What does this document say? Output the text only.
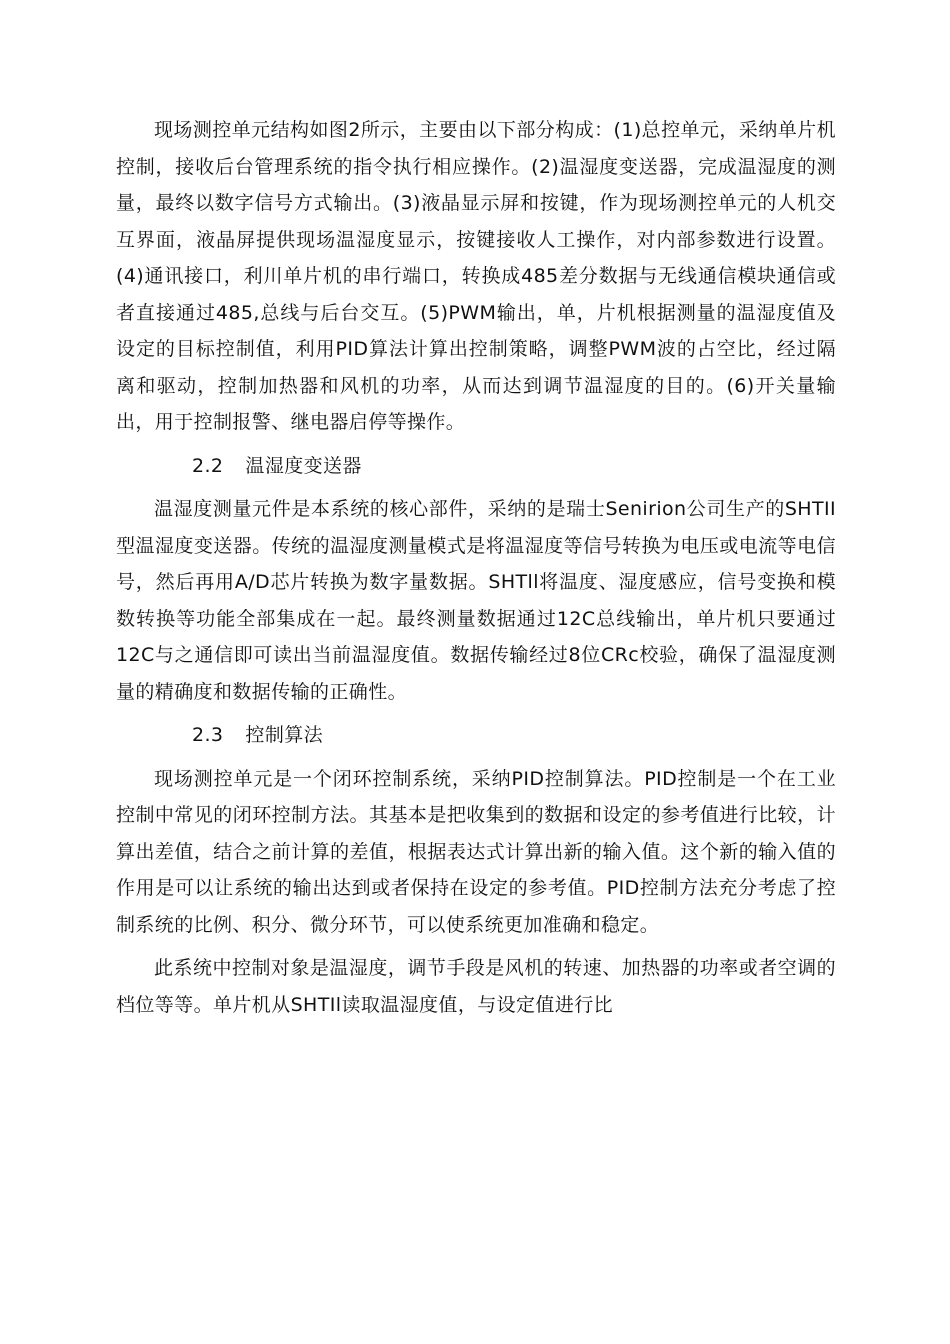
现场测控单元结构如图2所示，主要由以下部分构成：(1)总控单元，采纳单片机控制，接收后台管理系统的指令执行相应操作。(2)温湿度变送器，完成温湿度的测量，最终以数字信号方式输出。(3)液晶显示屏和按键，作为现场测控单元的人机交互界面，液晶屏提供现场温湿度显示，按键接收人工操作，对内部参数进行设置。(4)通讯接口，利川单片机的串行端口，转换成485差分数据与无线通信模块通信或者直接通过485,总线与后台交互。(5)PWM输出，单，片机根据测量的温湿度值及设定的目标控制值，利用PID算法计算出控制策略，调整PWM波的占空比，经过隔离和驱动，控制加热器和风机的功率，从而达到调节温湿度的目的。(6)开关量输出，用于控制报警、继电器启停等操作。

2.2 温湿度变送器

温湿度测量元件是本系统的核心部件，采纳的是瑞士Senirion公司生产的SHTII型温湿度变送器。传统的温湿度测量模式是将温湿度等信号转换为电压或电流等电信号，然后再用A/D芯片转换为数字量数据。SHTll将温度、湿度感应，信号变换和模数转换等功能全部集成在一起。最终测量数据通过12C总线输出，单片机只要通过12C与之通信即可读出当前温湿度值。数据传输经过8位CRc校验，确保了温湿度测量的精确度和数据传输的正确性。

2.3 控制算法

现场测控单元是一个闭环控制系统，采纳PID控制算法。PID控制是一个在工业控制中常见的闭环控制方法。其基本是把收集到的数据和设定的参考值进行比较，计算出差值，结合之前计算的差值，根据表达式计算出新的输入值。这个新的输入值的作用是可以让系统的输出达到或者保持在设定的参考值。PID控制方法充分考虑了控制系统的比例、积分、微分环节，可以使系统更加准确和稳定。

此系统中控制对象是温湿度，调节手段是风机的转速、加热器的功率或者空调的档位等等。单片机从SHTIl读取温湿度值，与设定值进行比
